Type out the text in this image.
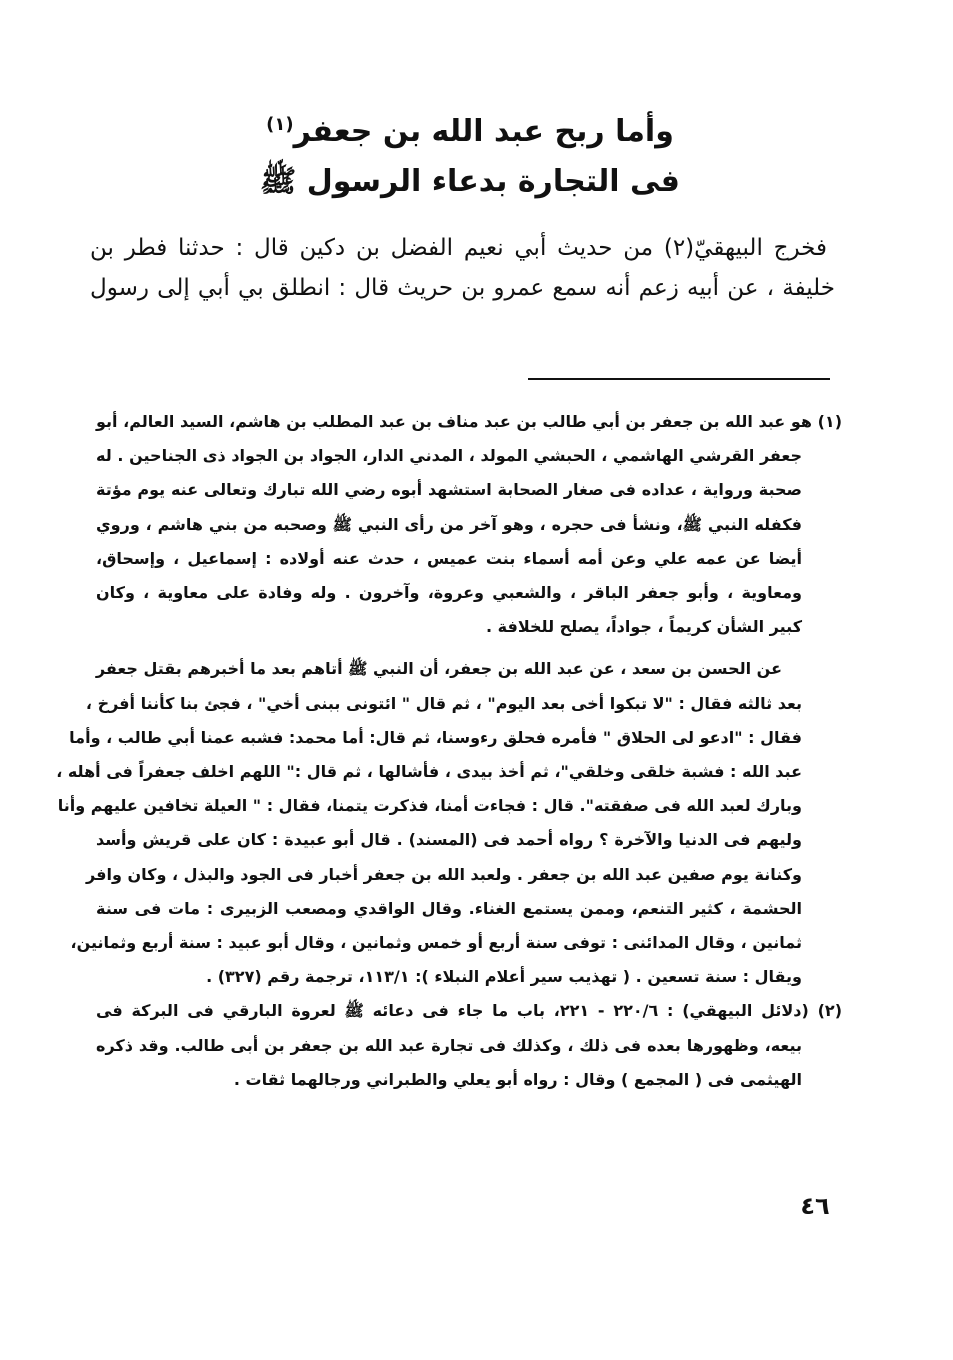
وأما ربح عبد الله بن جعفر$^{(١)}$
فى التجارة بدعاء الرسول ﷺ
فخرج البيهقيّ(٢) من حديث أبي نعيم الفضل بن دكين قال : حدثنا فطر بن
خليفة ، عن أبيه زعم أنه سمع عمرو بن حريث قال : انطلق بي أبي إلى رسول
(١) هو عبد الله بن جعفر بن أبي طالب بن عبد مناف بن عبد المطلب بن هاشم، السيد العالم، أبو
جعفر القرشي الهاشمي ، الحبشي المولد ، المدني الدار، الجواد بن الجواد ذى الجناحين . له
صحبة ورواية ، عداده فى صغار الصحابة استشهد أبوه رضي الله تبارك وتعالى عنه يوم مؤتة
فكفله النبي ﷺ، ونشأ فى حجره ، وهو آخر من رأى النبي ﷺ وصحبه من بني هاشم ، وروي
أيضا عن عمه علي وعن أمه أسماء بنت عميس ، حدث عنه أولاده : إسماعيل ، وإسحاق،
ومعاوية ، وأبو جعفر الباقر ، والشعبي وعروة، وآخرون . وله وفادة على معاوية ، وكان
كبير الشأن كريماً ، جواداً، يصلح للخلافة .
عن الحسن بن سعد ، عن عبد الله بن جعفر، أن النبي ﷺ أتاهم بعد ما أخبرهم بقتل جعفر
بعد ثالثه فقال : "لا تبكوا أخى بعد اليوم" ، ثم قال " ائتونى ببنى أخي" ، فجئ بنا كأننا أفرخ ،
فقال : "ادعو لى الحلاق " فأمره فحلق رءوسنا، ثم قال: أما محمد: فشبه عمنا أبي طالب ، وأما
عبد الله : فشبة خلقى وخلقي"، ثم أخذ بيدى ، فأشالها ، ثم قال :" اللهم اخلف جعفراً فى أهله ،
وبارك لعبد الله فى صفقته". قال : فجاءت أمنا، فذكرت يتمنا، فقال : " العيلة تخافين عليهم وأنا
وليهم فى الدنيا والآخرة ؟ رواه أحمد فى (المسند) . قال أبو عبيدة : كان على قريش وأسد
وكنانة يوم صفين عبد الله بن جعفر . ولعبد الله بن جعفر أخبار فى الجود والبذل ، وكان وافر
الحشمة ، كثير التنعم، وممن يستمع الغناء. وقال الواقدي ومصعب الزبيرى : مات فى سنة
ثمانين ، وقال المدائنى : توفى سنة أربع أو خمس وثمانين ، وقال أبو عبيد : سنة أربع وثمانين،
ويقال : سنة تسعين . ( تهذيب سير أعلام النبلاء ): ١١٣/١، ترجمة رقم (٣٢٧) .
(٢) (دلائل البيهقي) : ٢٢٠/٦ - ٢٢١، باب ما جاء فى دعائه ﷺ لعروة البارقي فى البركة فى
بيعه، وظهورها بعده فى ذلك ، وكذلك فى تجارة عبد الله بن جعفر بن أبى طالب. وقد ذكره
الهيثمى فى ( المجمع ) وقال : رواه أبو يعلي والطبراني ورجالهما ثقات .
٤٦
